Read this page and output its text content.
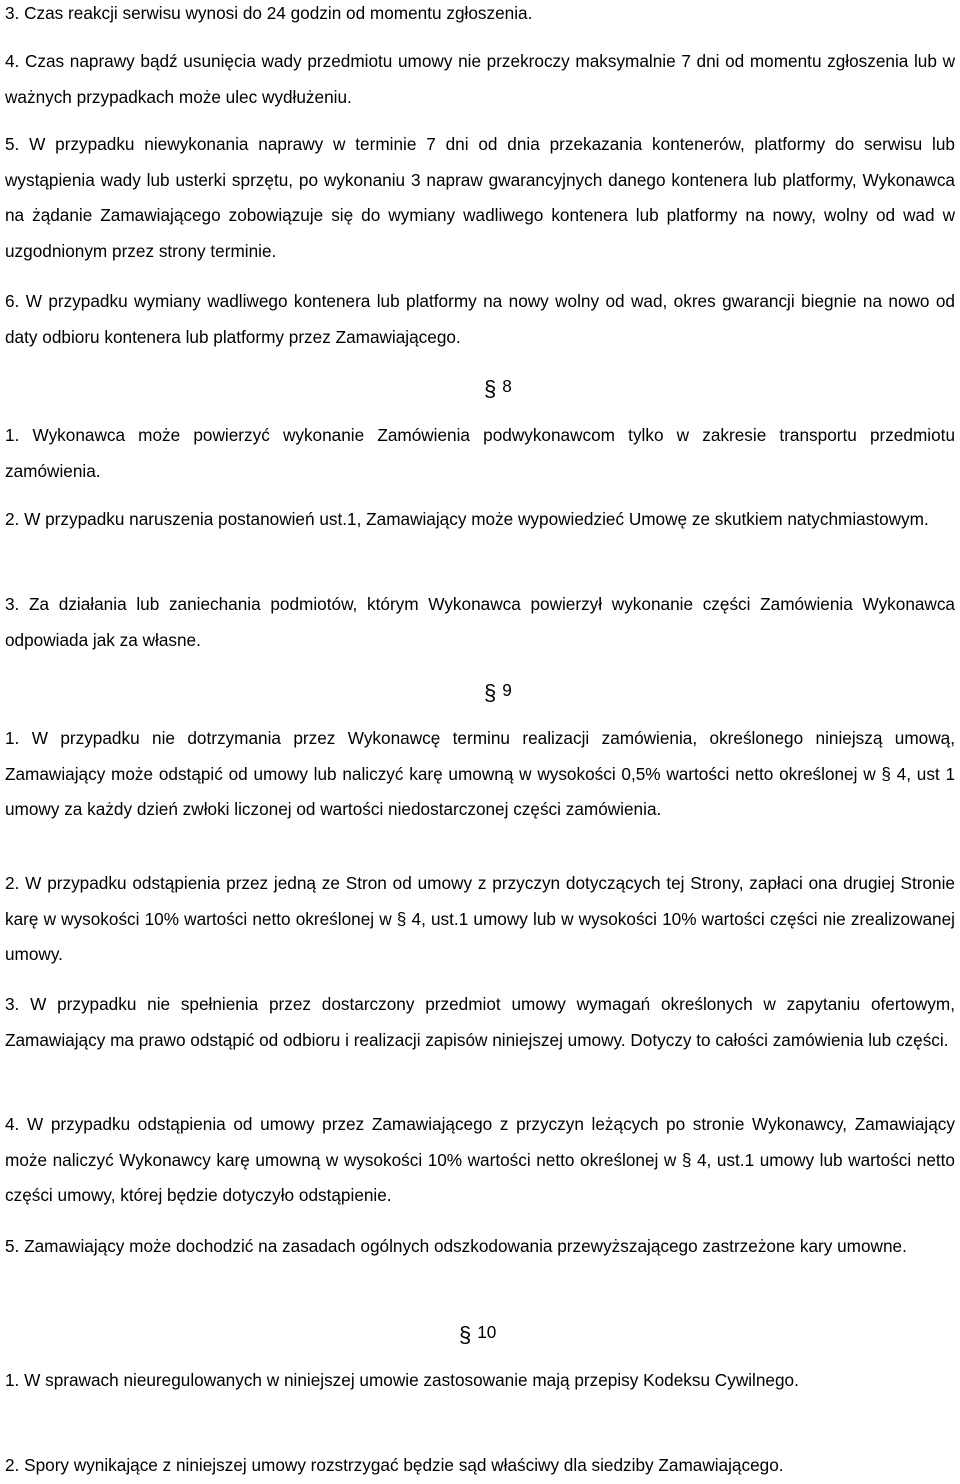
3. Czas reakcji serwisu wynosi do 24 godzin od momentu zgłoszenia.

4. Czas naprawy bądź usunięcia wady przedmiotu umowy nie przekroczy maksymalnie 7 dni od momentu zgłoszenia lub w ważnych przypadkach może ulec wydłużeniu.

5. W przypadku niewykonania naprawy w terminie 7 dni od dnia przekazania kontenerów, platformy do serwisu lub wystąpienia wady lub usterki sprzętu, po wykonaniu 3 napraw gwarancyjnych danego kontenera lub platformy, Wykonawca na żądanie Zamawiającego zobowiązuje się do wymiany wadliwego kontenera lub platformy na nowy, wolny od wad w uzgodnionym przez strony terminie.

6. W przypadku wymiany wadliwego kontenera lub platformy na nowy wolny od wad, okres gwarancji biegnie na nowo od daty odbioru kontenera lub platformy przez Zamawiającego.

§ 8

1. Wykonawca może powierzyć wykonanie Zamówienia podwykonawcom tylko w zakresie transportu przedmiotu zamówienia.

2. W przypadku naruszenia postanowień ust.1, Zamawiający może wypowiedzieć Umowę ze skutkiem natychmiastowym.

3. Za działania lub zaniechania podmiotów, którym Wykonawca powierzył wykonanie części Zamówienia Wykonawca odpowiada jak za własne.

§ 9

1. W przypadku nie dotrzymania przez Wykonawcę terminu realizacji zamówienia, określonego niniejszą umową, Zamawiający może odstąpić od umowy lub naliczyć karę umowną w wysokości 0,5% wartości netto określonej w § 4, ust 1 umowy za każdy dzień zwłoki liczonej od wartości niedostarczonej części zamówienia.

2. W przypadku odstąpienia przez jedną ze Stron od umowy z przyczyn dotyczących tej Strony, zapłaci ona drugiej Stronie karę w wysokości 10% wartości netto określonej w § 4, ust.1 umowy lub w wysokości 10% wartości części nie zrealizowanej umowy.

3. W przypadku nie spełnienia przez dostarczony przedmiot umowy wymagań określonych w zapytaniu ofertowym, Zamawiający ma prawo odstąpić od odbioru i realizacji zapisów niniejszej umowy. Dotyczy to całości zamówienia lub części.

4. W przypadku odstąpienia od umowy przez Zamawiającego z przyczyn leżących po stronie Wykonawcy, Zamawiający może naliczyć Wykonawcy karę umowną w wysokości 10% wartości netto określonej w § 4, ust.1 umowy lub wartości netto części umowy, której będzie dotyczyło odstąpienie.

5. Zamawiający może dochodzić na zasadach ogólnych odszkodowania przewyższającego zastrzeżone kary umowne.

§ 10

1. W sprawach nieuregulowanych w niniejszej umowie zastosowanie mają przepisy Kodeksu Cywilnego.

2. Spory wynikające z niniejszej umowy rozstrzygać będzie sąd właściwy dla siedziby Zamawiającego.
